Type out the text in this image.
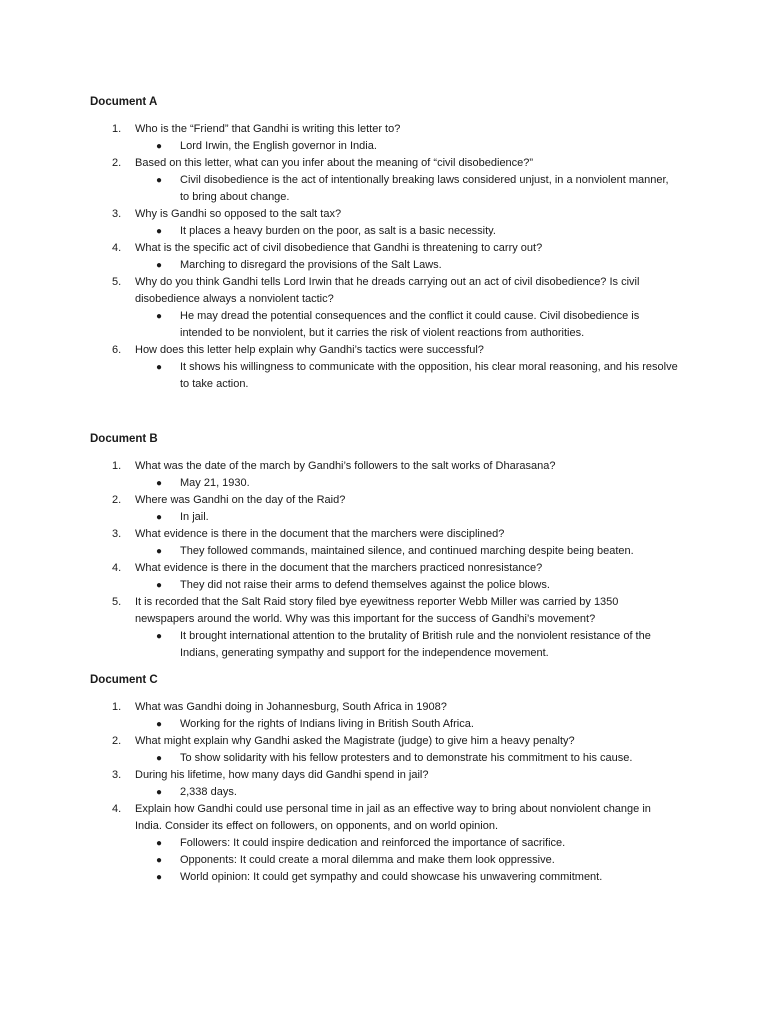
Document A
1.	Who is the “Friend” that Gandhi is writing this letter to?
● Lord Irwin, the English governor in India.
2.	Based on this letter, what can you infer about the meaning of “civil disobedience?”
● Civil disobedience is the act of intentionally breaking laws considered unjust, in a nonviolent manner, to bring about change.
3.	Why is Gandhi so opposed to the salt tax?
● It places a heavy burden on the poor, as salt is a basic necessity.
4.	What is the specific act of civil disobedience that Gandhi is threatening to carry out?
● Marching to disregard the provisions of the Salt Laws.
5.	Why do you think Gandhi tells Lord Irwin that he dreads carrying out an act of civil disobedience? Is civil disobedience always a nonviolent tactic?
● He may dread the potential consequences and the conflict it could cause. Civil disobedience is intended to be nonviolent, but it carries the risk of violent reactions from authorities.
6.	How does this letter help explain why Gandhi’s tactics were successful?
● It shows his willingness to communicate with the opposition, his clear moral reasoning, and his resolve to take action.
Document B
1.	What was the date of the march by Gandhi’s followers to the salt works of Dharasana?
● May 21, 1930.
2.	Where was Gandhi on the day of the Raid?
● In jail.
3.	What evidence is there in the document that the marchers were disciplined?
● They followed commands, maintained silence, and continued marching despite being beaten.
4.	What evidence is there in the document that the marchers practiced nonresistance?
● They did not raise their arms to defend themselves against the police blows.
5.	It is recorded that the Salt Raid story filed bye eyewitness reporter Webb Miller was carried by 1350 newspapers around the world. Why was this important for the success of Gandhi’s movement?
● It brought international attention to the brutality of British rule and the nonviolent resistance of the Indians, generating sympathy and support for the independence movement.
Document C
1.	What was Gandhi doing in Johannesburg, South Africa in 1908?
● Working for the rights of Indians living in British South Africa.
2.	What might explain why Gandhi asked the Magistrate (judge) to give him a heavy penalty?
● To show solidarity with his fellow protesters and to demonstrate his commitment to his cause.
3.	During his lifetime, how many days did Gandhi spend in jail?
● 2,338 days.
4.	Explain how Gandhi could use personal time in jail as an effective way to bring about nonviolent change in India. Consider its effect on followers, on opponents, and on world opinion.
● Followers: It could inspire dedication and reinforced the importance of sacrifice.
● Opponents: It could create a moral dilemma and make them look oppressive.
● World opinion: It could get sympathy and could showcase his unwavering commitment.
